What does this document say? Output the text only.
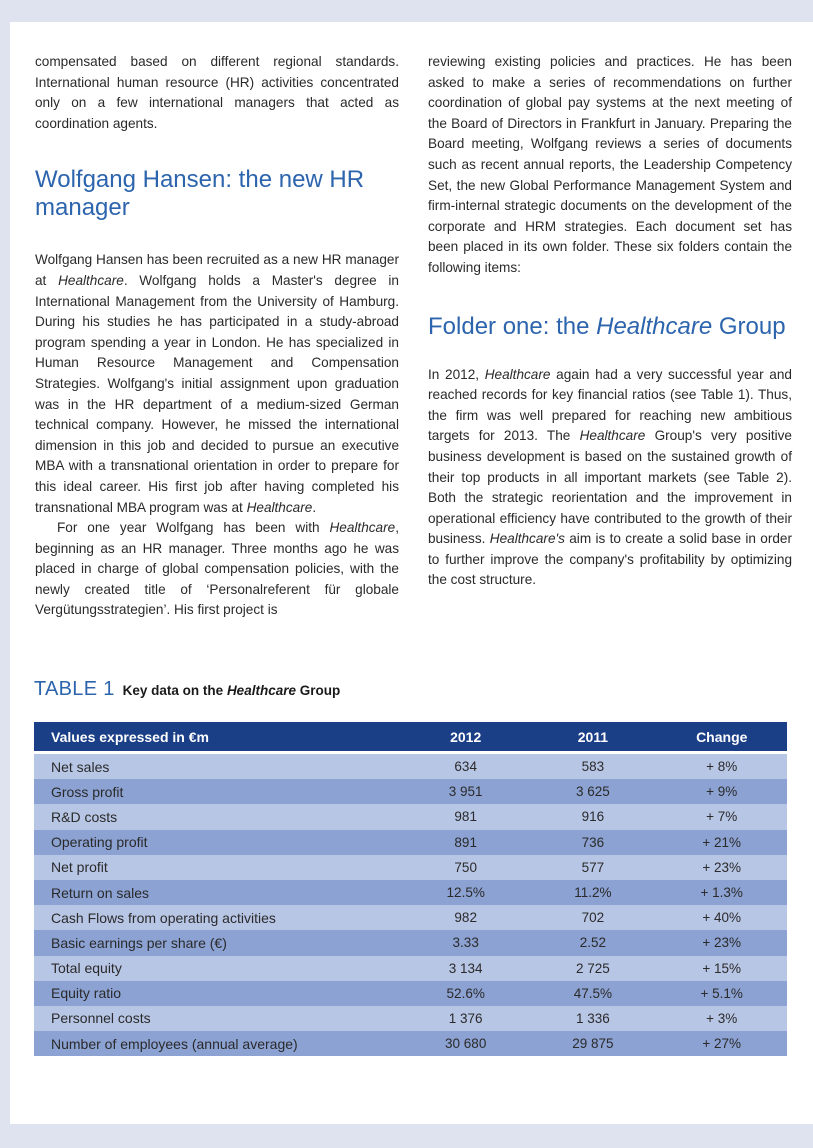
compensated based on different regional standards. International human resource (HR) activities concentrated only on a few international managers that acted as coordination agents.

Wolfgang Hansen: the new HR manager

Wolfgang Hansen has been recruited as a new HR manager at Healthcare. Wolfgang holds a Master's degree in International Management from the University of Hamburg. During his studies he has participated in a study-abroad program spending a year in London. He has specialized in Human Resource Management and Compensation Strategies. Wolfgang's initial assignment upon graduation was in the HR department of a medium-sized German technical company. However, he missed the international dimension in this job and decided to pursue an executive MBA with a transnational orientation in order to prepare for this ideal career. His first job after having completed his transnational MBA program was at Healthcare.

For one year Wolfgang has been with Healthcare, beginning as an HR manager. Three months ago he was placed in charge of global compensation policies, with the newly created title of ‘Personalreferent für globale Vergütungsstrategien’. His first project is

reviewing existing policies and practices. He has been asked to make a series of recommendations on further coordination of global pay systems at the next meeting of the Board of Directors in Frankfurt in January. Preparing the Board meeting, Wolfgang reviews a series of documents such as recent annual reports, the Leadership Competency Set, the new Global Performance Management System and firm-internal strategic documents on the development of the corporate and HRM strategies. Each document set has been placed in its own folder. These six folders contain the following items:

Folder one: the Healthcare Group

In 2012, Healthcare again had a very successful year and reached records for key financial ratios (see Table 1). Thus, the firm was well prepared for reaching new ambitious targets for 2013. The Healthcare Group's very positive business development is based on the sustained growth of their top products in all important markets (see Table 2). Both the strategic reorientation and the improvement in operational efficiency have contributed to the growth of their business. Healthcare's aim is to create a solid base in order to further improve the company's profitability by optimizing the cost structure.

TABLE 1 Key data on the Healthcare Group
Values expressed in €m	2012	2011	Change
Net sales	634	583	+ 8%
Gross profit	3 951	3 625	+ 9%
R&D costs	981	916	+ 7%
Operating profit	891	736	+ 21%
Net profit	750	577	+ 23%
Return on sales	12.5%	11.2%	+ 1.3%
Cash Flows from operating activities	982	702	+ 40%
Basic earnings per share (€)	3.33	2.52	+ 23%
Total equity	3 134	2 725	+ 15%
Equity ratio	52.6%	47.5%	+ 5.1%
Personnel costs	1 376	1 336	+ 3%
Number of employees (annual average)	30 680	29 875	+ 27%
